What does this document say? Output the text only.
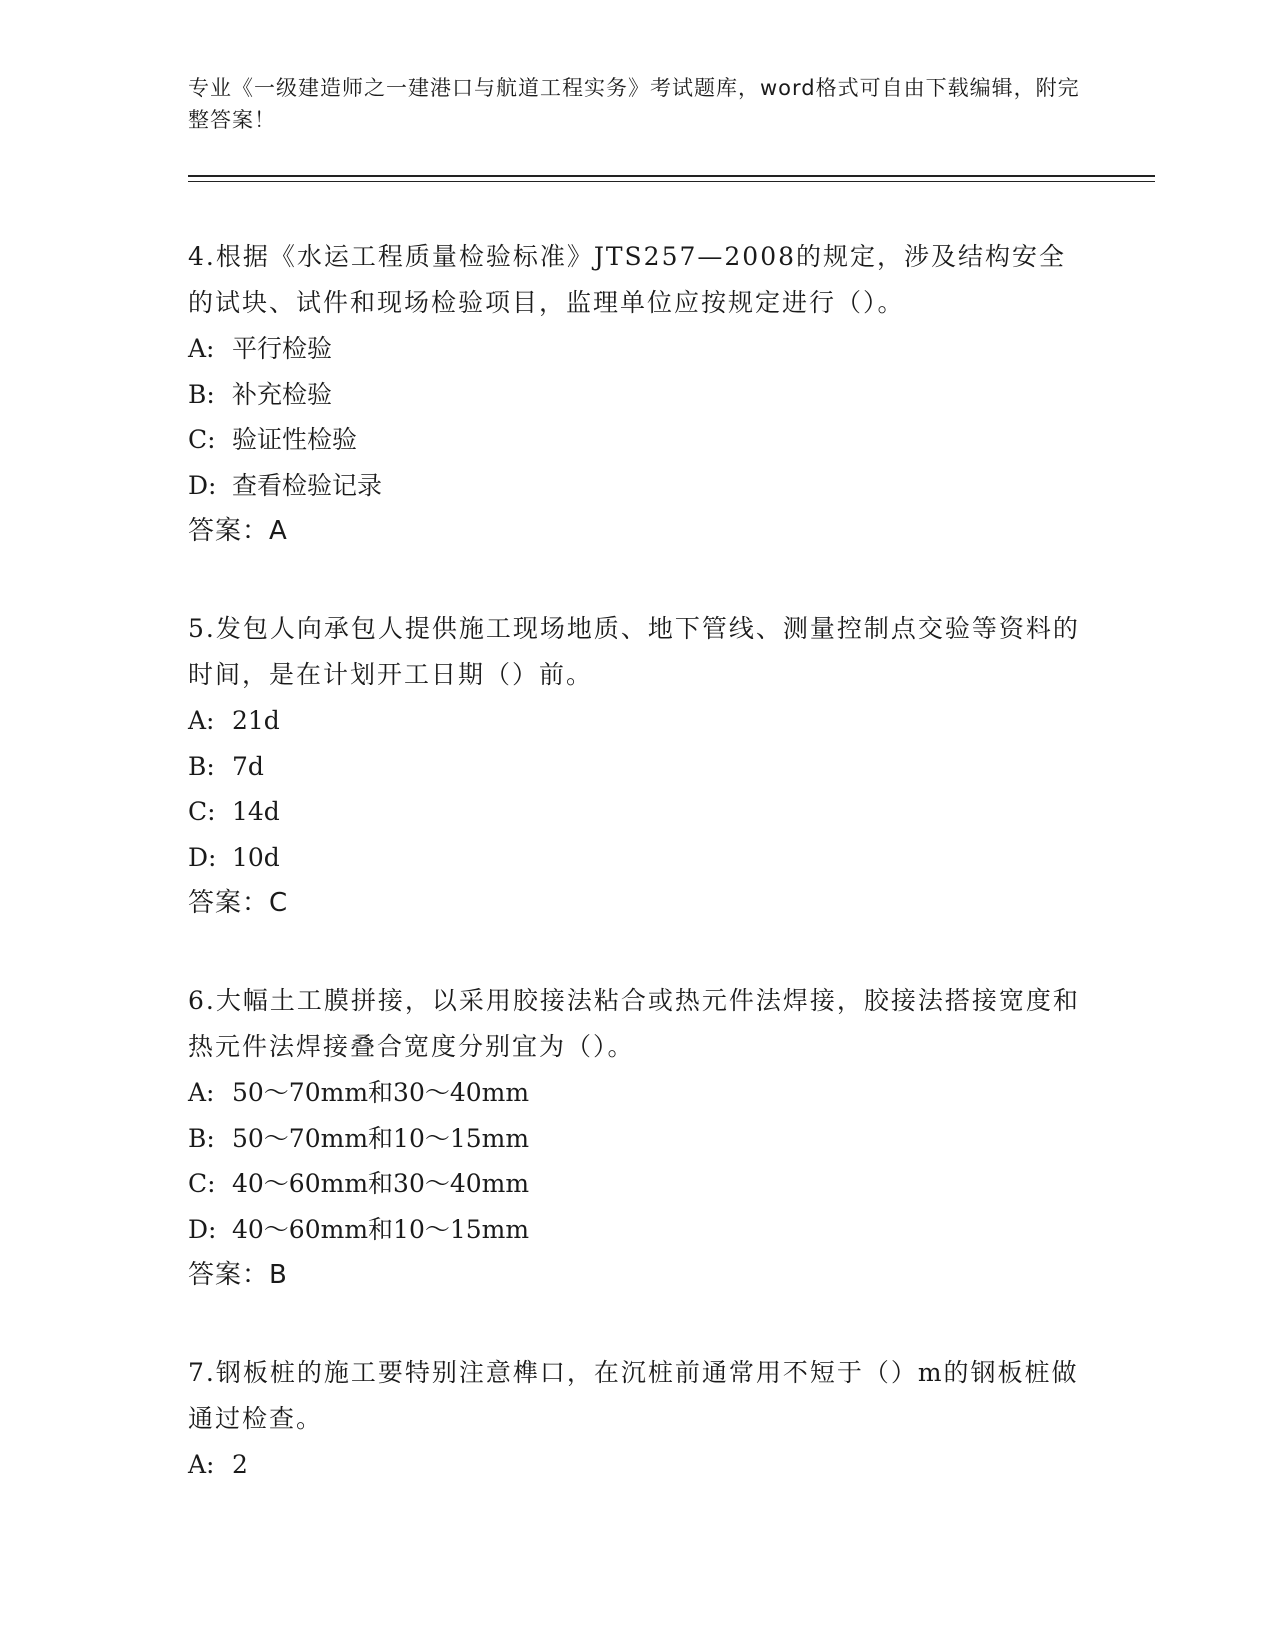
专业《一级建造师之一建港口与航道工程实务》考试题库，word格式可自由下载编辑，附完整答案！
4.根据《水运工程质量检验标准》JTS257—2008的规定，涉及结构安全的试块、试件和现场检验项目，监理单位应按规定进行（）。
A: 平行检验
B: 补充检验
C: 验证性检验
D: 查看检验记录
答案：A
5.发包人向承包人提供施工现场地质、地下管线、测量控制点交验等资料的时间，是在计划开工日期（）前。
A: 21d
B: 7d
C: 14d
D: 10d
答案：C
6.大幅土工膜拼接，以采用胶接法粘合或热元件法焊接，胶接法搭接宽度和热元件法焊接叠合宽度分别宜为（）。
A: 50～70mm和30～40mm
B: 50～70mm和10～15mm
C: 40～60mm和30～40mm
D: 40～60mm和10～15mm
答案：B
7.钢板桩的施工要特别注意榫口，在沉桩前通常用不短于（）m的钢板桩做通过检查。
A: 2
